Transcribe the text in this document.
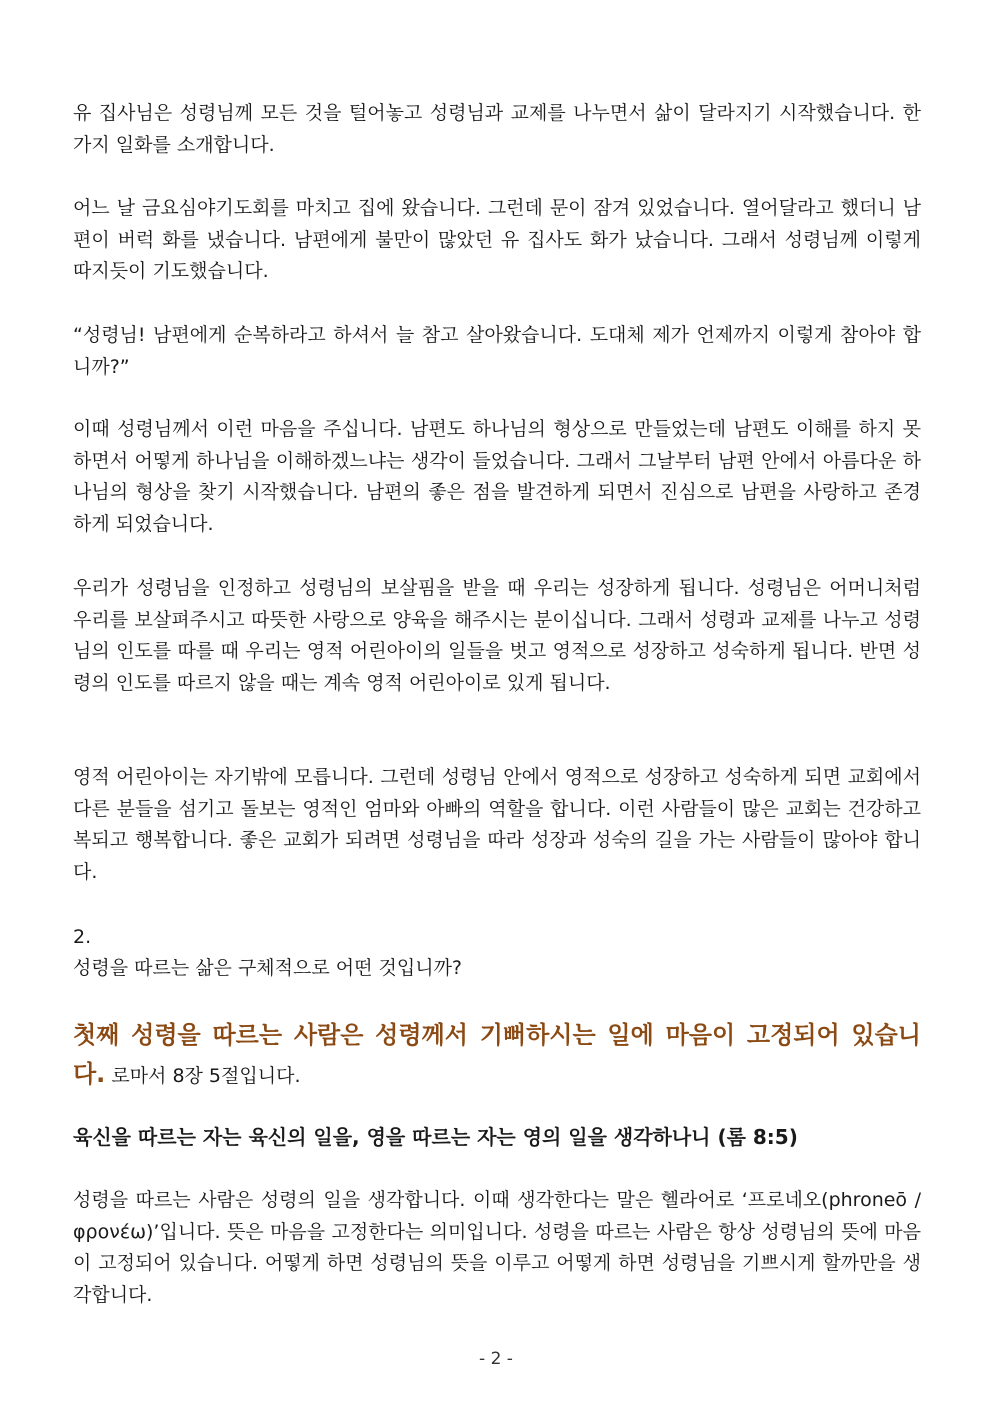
유 집사님은 성령님께 모든 것을 털어놓고 성령님과 교제를 나누면서 삶이 달라지기 시작했습니다. 한 가지 일화를 소개합니다.

어느 날 금요심야기도회를 마치고 집에 왔습니다. 그런데 문이 잠겨 있었습니다. 열어달라고 했더니 남편이 버럭 화를 냈습니다. 남편에게 불만이 많았던 유 집사도 화가 났습니다. 그래서 성령님께 이렇게 따지듯이 기도했습니다.

“성령님! 남편에게 순복하라고 하셔서 늘 참고 살아왔습니다. 도대체 제가 언제까지 이렇게 참아야 합니까?”

이때 성령님께서 이런 마음을 주십니다. 남편도 하나님의 형상으로 만들었는데 남편도 이해를 하지 못하면서 어떻게 하나님을 이해하겠느냐는 생각이 들었습니다. 그래서 그날부터 남편 안에서 아름다운 하나님의 형상을 찾기 시작했습니다. 남편의 좋은 점을 발견하게 되면서 진심으로 남편을 사랑하고 존경하게 되었습니다.

우리가 성령님을 인정하고 성령님의 보살핌을 받을 때 우리는 성장하게 됩니다. 성령님은 어머니처럼 우리를 보살펴주시고 따뜻한 사랑으로 양육을 해주시는 분이십니다. 그래서 성령과 교제를 나누고 성령님의 인도를 따를 때 우리는 영적 어린아이의 일들을 벗고 영적으로 성장하고 성숙하게 됩니다. 반면 성령의 인도를 따르지 않을 때는 계속 영적 어린아이로 있게 됩니다.

영적 어린아이는 자기밖에 모릅니다. 그런데 성령님 안에서 영적으로 성장하고 성숙하게 되면 교회에서 다른 분들을 섬기고 돌보는 영적인 엄마와 아빠의 역할을 합니다. 이런 사람들이 많은 교회는 건강하고 복되고 행복합니다. 좋은 교회가 되려면 성령님을 따라 성장과 성숙의 길을 가는 사람들이 많아야 합니다.

2.

성령을 따르는 삶은 구체적으로 어떤 것입니까?

첫째 성령을 따르는 사람은 성령께서 기뻐하시는 일에 마음이 고정되어 있습니다. 로마서 8장 5절입니다.

육신을 따르는 자는 육신의 일을, 영을 따르는 자는 영의 일을 생각하나니 (롬 8:5)

성령을 따르는 사람은 성령의 일을 생각합니다. 이때 생각한다는 말은 헬라어로 ‘프로네오(phroneō / φρονέω)’입니다. 뜻은 마음을 고정한다는 의미입니다. 성령을 따르는 사람은 항상 성령님의 뜻에 마음이 고정되어 있습니다. 어떻게 하면 성령님의 뜻을 이루고 어떻게 하면 성령님을 기쁘시게 할까만을 생각합니다.

- 2 -
